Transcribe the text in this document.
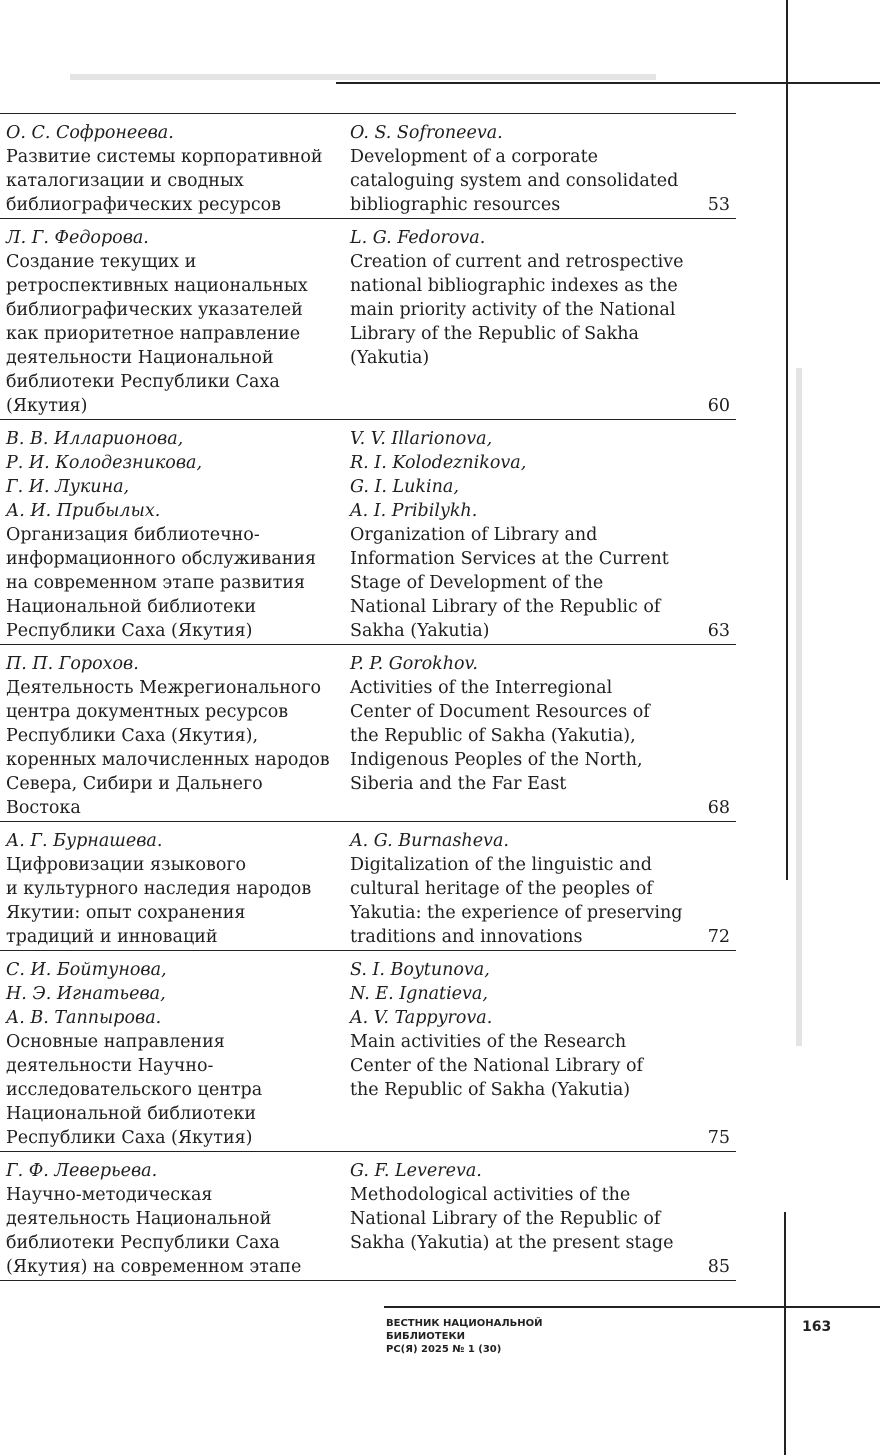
О. С. Софронеева.
Развитие системы корпоративной
каталогизации и сводных
библиографических ресурсов
O. S. Sofroneeva.
Development of a corporate
cataloguing system and consolidated
bibliographic resources	53
Л. Г. Федорова.
Создание текущих и
ретроспективных национальных
библиографических указателей
как приоритетное направление
деятельности Национальной
библиотеки Республики Саха
(Якутия)
L. G. Fedorova.
Creation of current and retrospective
national bibliographic indexes as the
main priority activity of the National
Library of the Republic of Sakha
(Yakutia)
60
В. В. Илларионова,
Р. И. Колодезникова,
Г. И. Лукина,
А. И. Прибылых.
Организация библиотечно-
информационного обслуживания
на современном этапе развития
Национальной библиотеки
Республики Саха (Якутия)
V. V. Illarionova,
R. I. Kolodeznikova,
G. I. Lukina,
A. I. Pribilykh.
Organization of Library and
Information Services at the Current
Stage of Development of the
National Library of the Republic of
Sakha (Yakutia)	63
П. П. Горохов.
Деятельность Межрегионального
центра документных ресурсов
Республики Саха (Якутия),
коренных малочисленных народов
Севера, Сибири и Дальнего
Востока
P. P. Gorokhov.
Activities of the Interregional
Center of Document Resources of
the Republic of Sakha (Yakutia),
Indigenous Peoples of the North,
Siberia and the Far East
68
А. Г. Бурнашева.
Цифровизации языкового
и культурного наследия народов
Якутии: опыт сохранения
традиций и инноваций
A. G. Burnasheva.
Digitalization of the linguistic and
cultural heritage of the peoples of
Yakutia: the experience of preserving
traditions and innovations	72
С. И. Бойтунова,
Н. Э. Игнатьева,
А. В. Таппырова.
Основные направления
деятельности Научно-
исследовательского центра
Национальной библиотеки
Республики Саха (Якутия)
S. I. Boytunova,
N. E. Ignatieva,
A. V. Tappyrova.
Main activities of the Research
Center of the National Library of
the Republic of Sakha (Yakutia)
75
Г. Ф. Леверьева.
Научно-методическая
деятельность Национальной
библиотеки Республики Саха
(Якутия) на современном этапе
G. F. Levereva.
Methodological activities of the
National Library of the Republic of
Sakha (Yakutia) at the present stage
85
ВЕСТНИК НАЦИОНАЛЬНОЙ
БИБЛИОТЕКИ
РС(Я) 2025 № 1 (30)
163
